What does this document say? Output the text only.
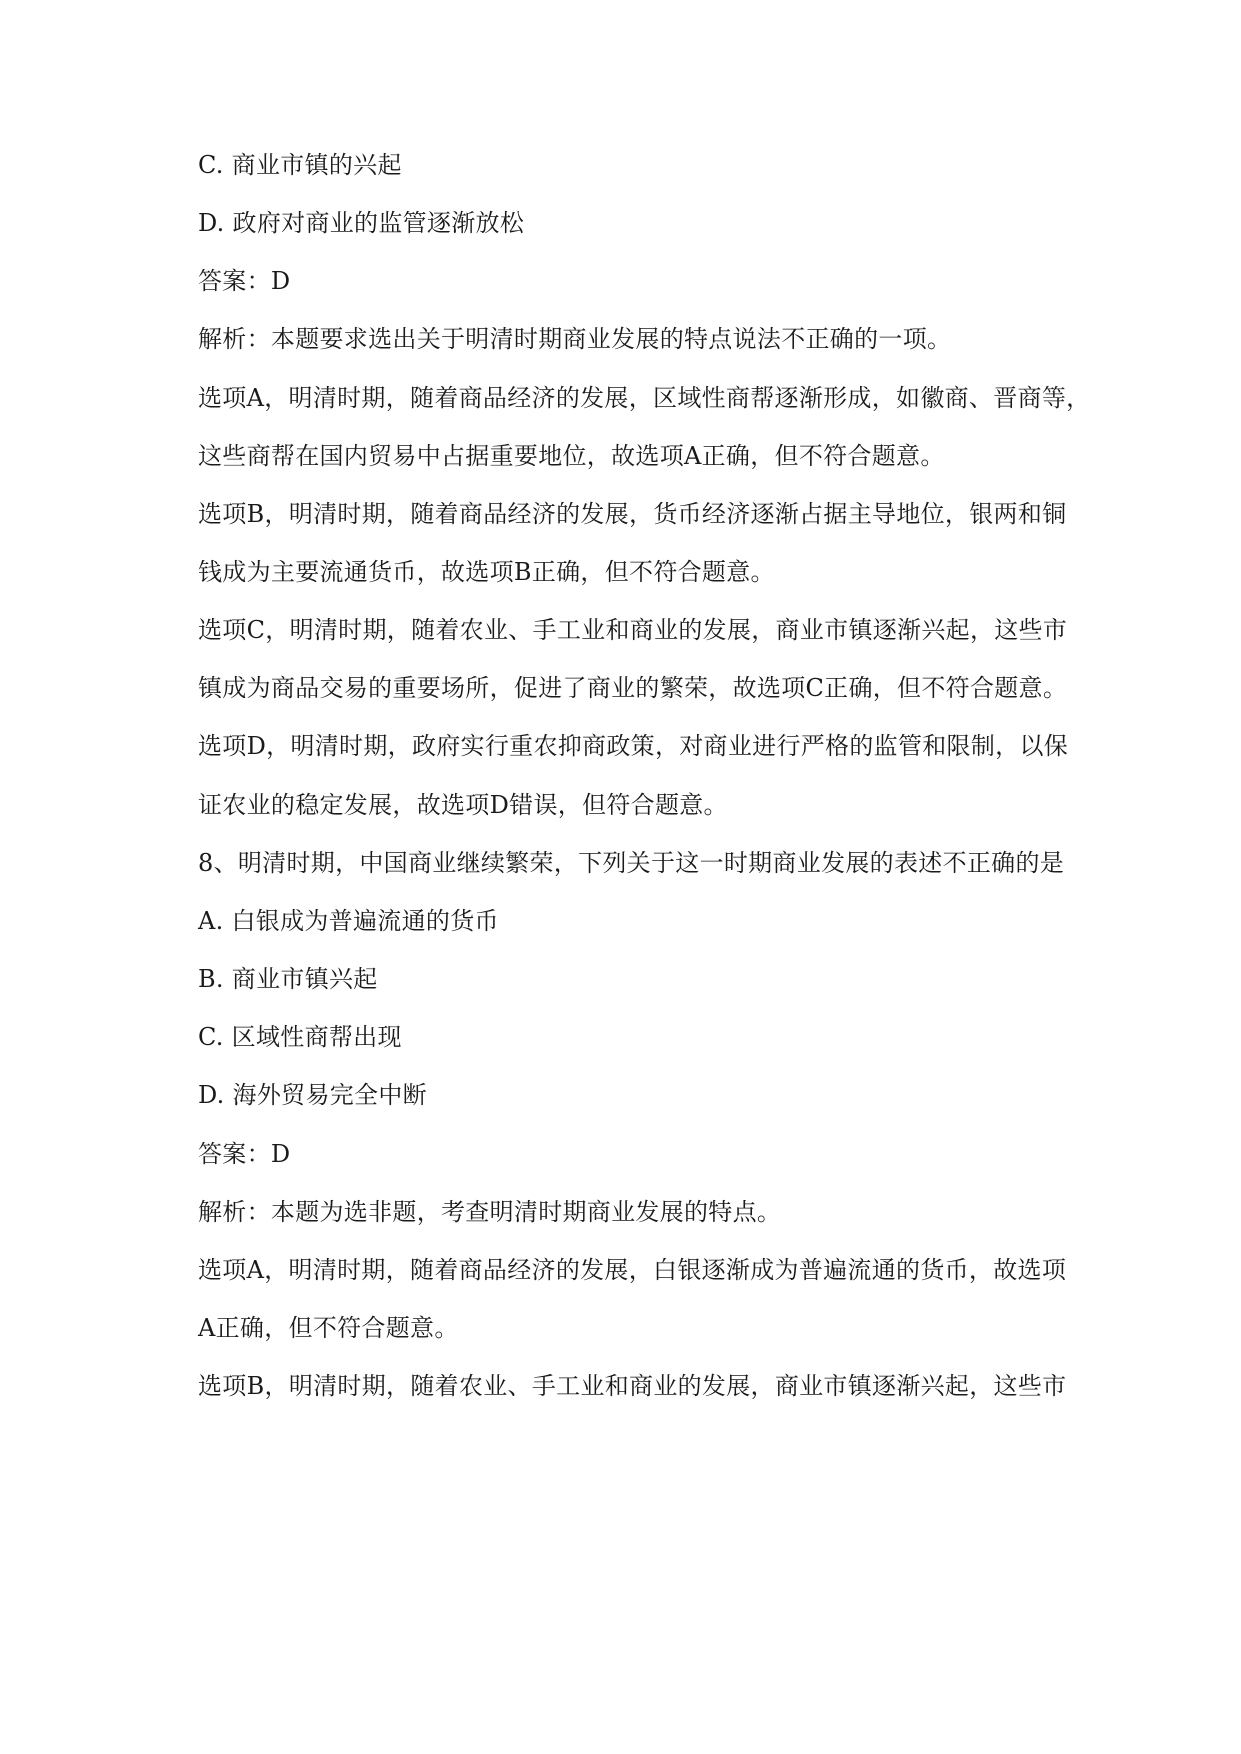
C. 商业市镇的兴起
D. 政府对商业的监管逐渐放松
答案：D
解析：本题要求选出关于明清时期商业发展的特点说法不正确的一项。
选项A，明清时期，随着商品经济的发展，区域性商帮逐渐形成，如徽商、晋商等，
这些商帮在国内贸易中占据重要地位，故选项A正确，但不符合题意。
选项B，明清时期，随着商品经济的发展，货币经济逐渐占据主导地位，银两和铜
钱成为主要流通货币，故选项B正确，但不符合题意。
选项C，明清时期，随着农业、手工业和商业的发展，商业市镇逐渐兴起，这些市
镇成为商品交易的重要场所，促进了商业的繁荣，故选项C正确，但不符合题意。
选项D，明清时期，政府实行重农抑商政策，对商业进行严格的监管和限制，以保
证农业的稳定发展，故选项D错误，但符合题意。
8、明清时期，中国商业继续繁荣，下列关于这一时期商业发展的表述不正确的是
A. 白银成为普遍流通的货币
B. 商业市镇兴起
C. 区域性商帮出现
D. 海外贸易完全中断
答案：D
解析：本题为选非题，考查明清时期商业发展的特点。
选项A，明清时期，随着商品经济的发展，白银逐渐成为普遍流通的货币，故选项
A正确，但不符合题意。
选项B，明清时期，随着农业、手工业和商业的发展，商业市镇逐渐兴起，这些市
